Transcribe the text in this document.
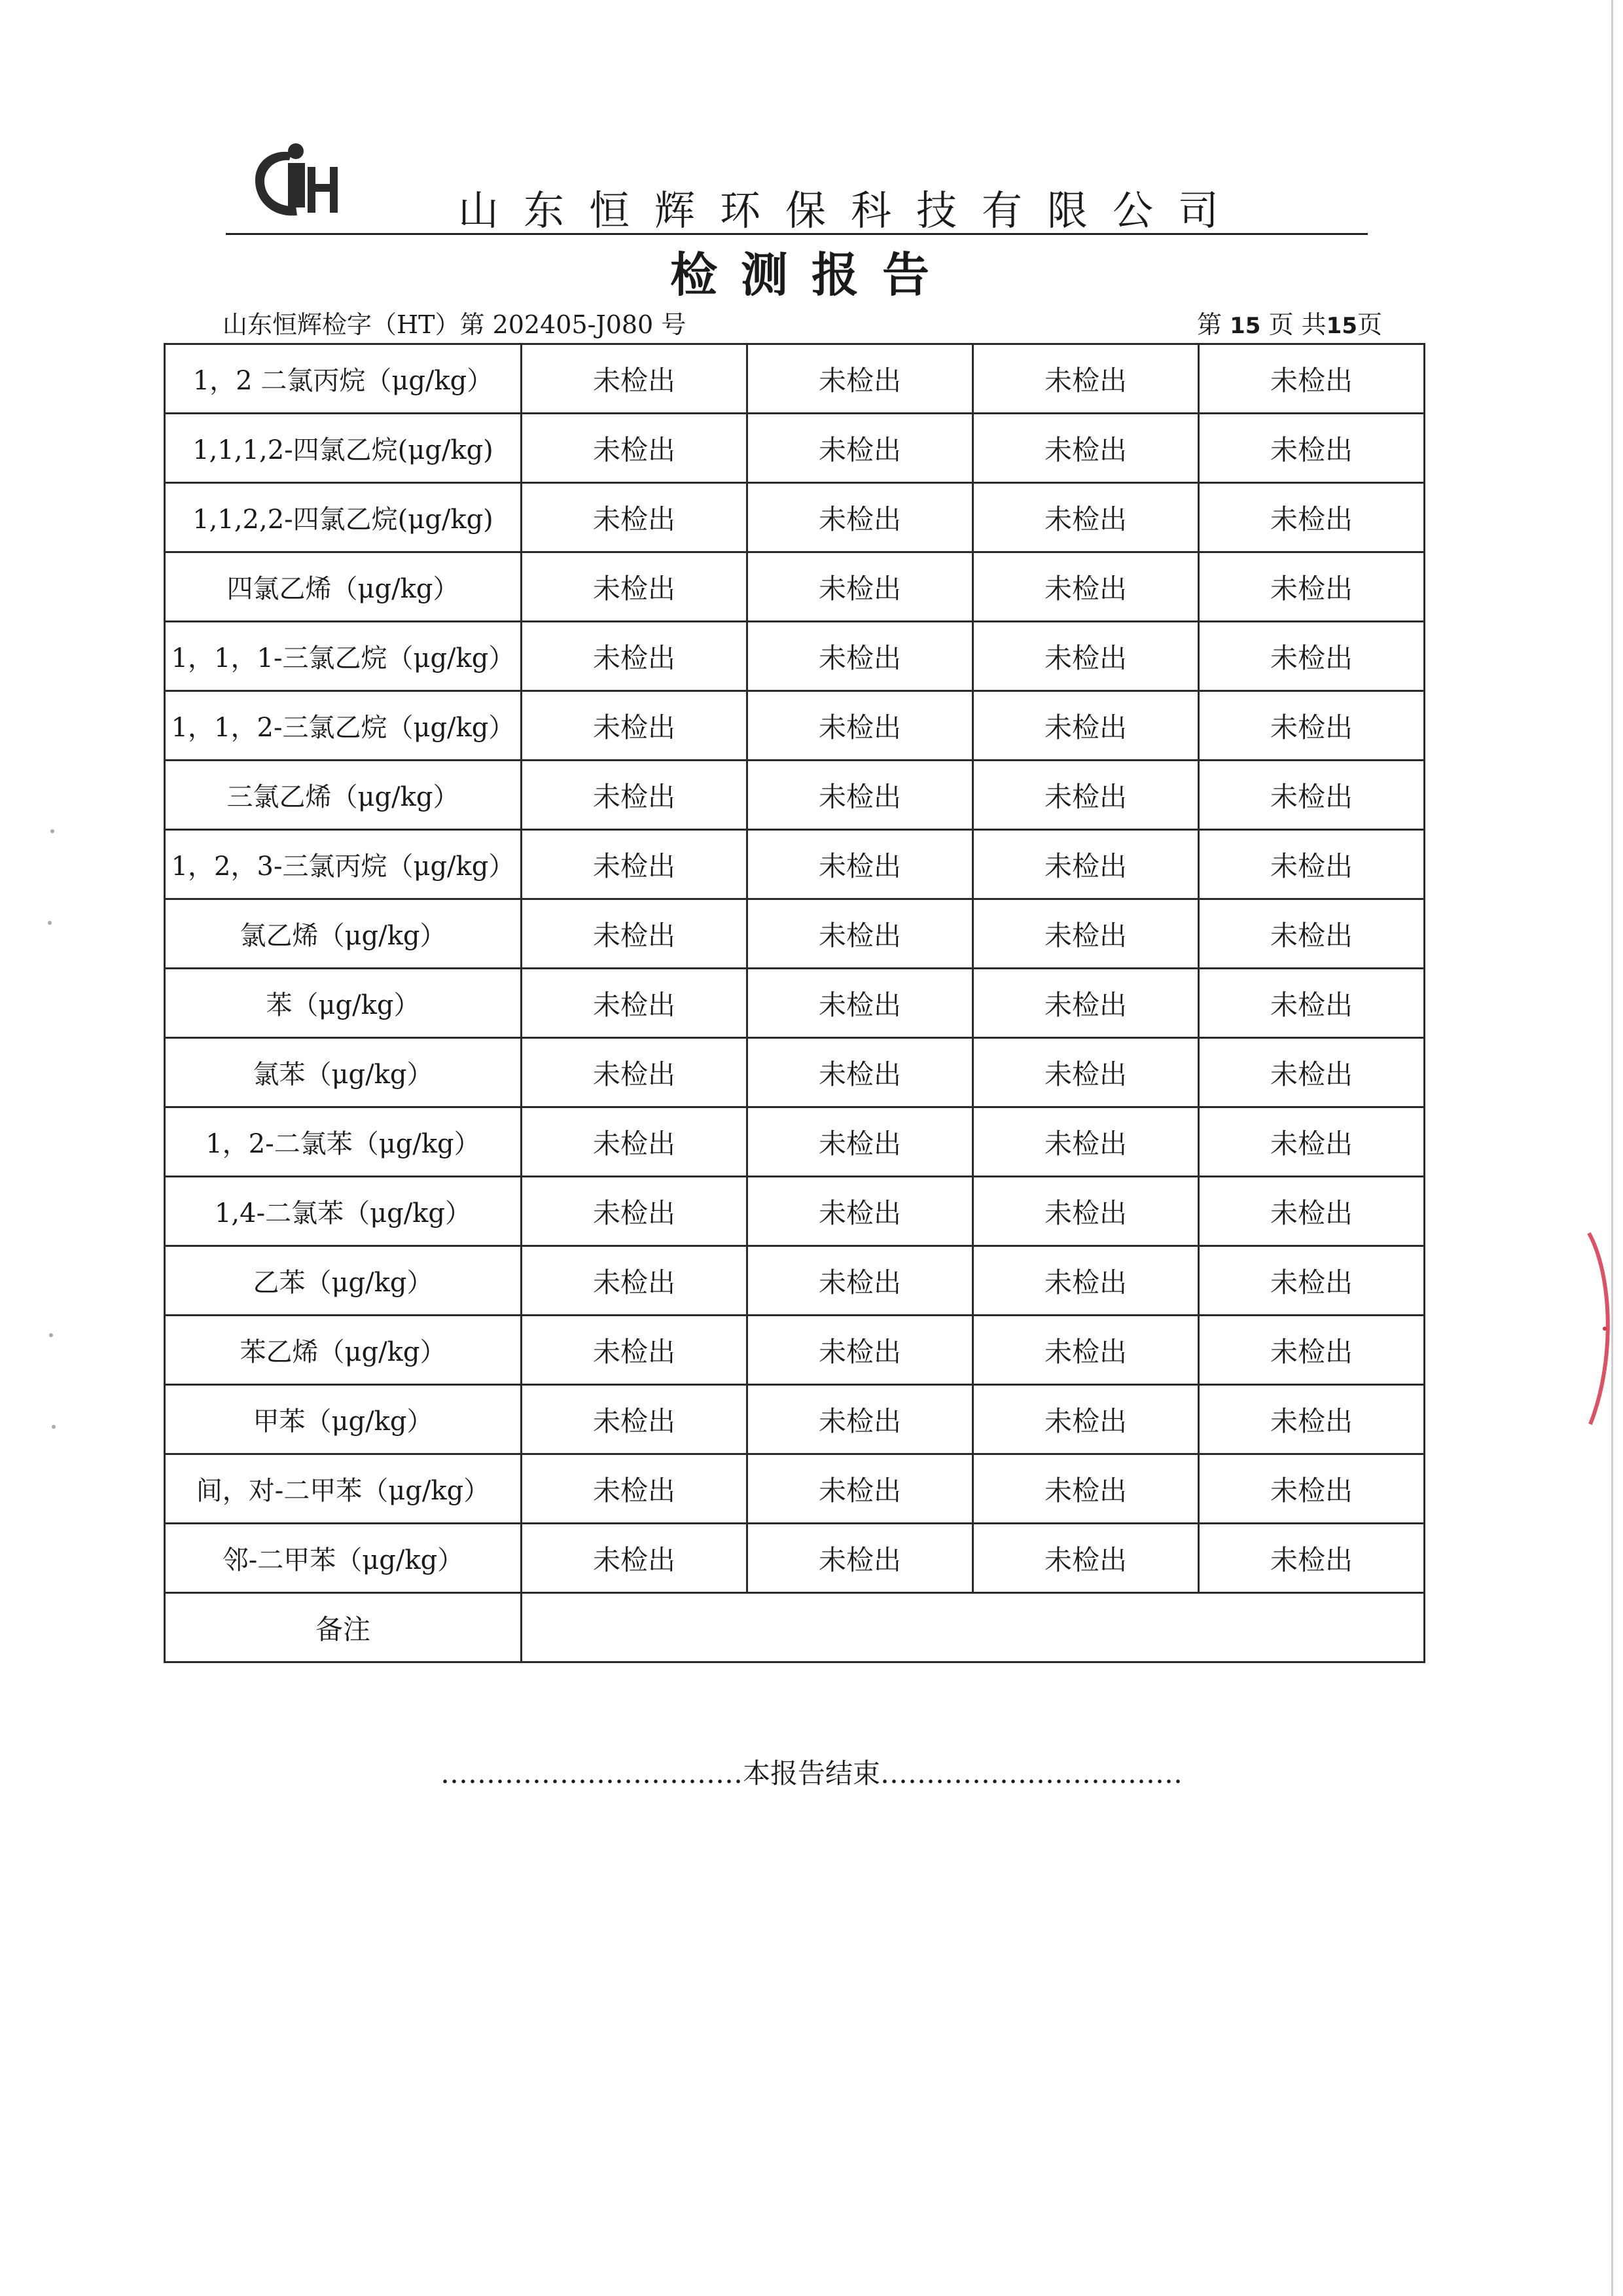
山东恒辉环保科技有限公司
检测报告
山东恒辉检字（HT）第 202405-J080 号	第 15 页 共15页
1，2 二氯丙烷（μg/kg）	未检出	未检出	未检出	未检出
1,1,1,2-四氯乙烷(μg/kg)	未检出	未检出	未检出	未检出
1,1,2,2-四氯乙烷(μg/kg)	未检出	未检出	未检出	未检出
四氯乙烯（μg/kg）	未检出	未检出	未检出	未检出
1，1，1-三氯乙烷（μg/kg）	未检出	未检出	未检出	未检出
1，1，2-三氯乙烷（μg/kg）	未检出	未检出	未检出	未检出
三氯乙烯（μg/kg）	未检出	未检出	未检出	未检出
1，2，3-三氯丙烷（μg/kg）	未检出	未检出	未检出	未检出
氯乙烯（μg/kg）	未检出	未检出	未检出	未检出
苯（μg/kg）	未检出	未检出	未检出	未检出
氯苯（μg/kg）	未检出	未检出	未检出	未检出
1，2-二氯苯（μg/kg）	未检出	未检出	未检出	未检出
1,4-二氯苯（μg/kg）	未检出	未检出	未检出	未检出
乙苯（μg/kg）	未检出	未检出	未检出	未检出
苯乙烯（μg/kg）	未检出	未检出	未检出	未检出
甲苯（μg/kg）	未检出	未检出	未检出	未检出
间，对-二甲苯（μg/kg）	未检出	未检出	未检出	未检出
邻-二甲苯（μg/kg）	未检出	未检出	未检出	未检出
备注				
……………………………本报告结束……………………………
